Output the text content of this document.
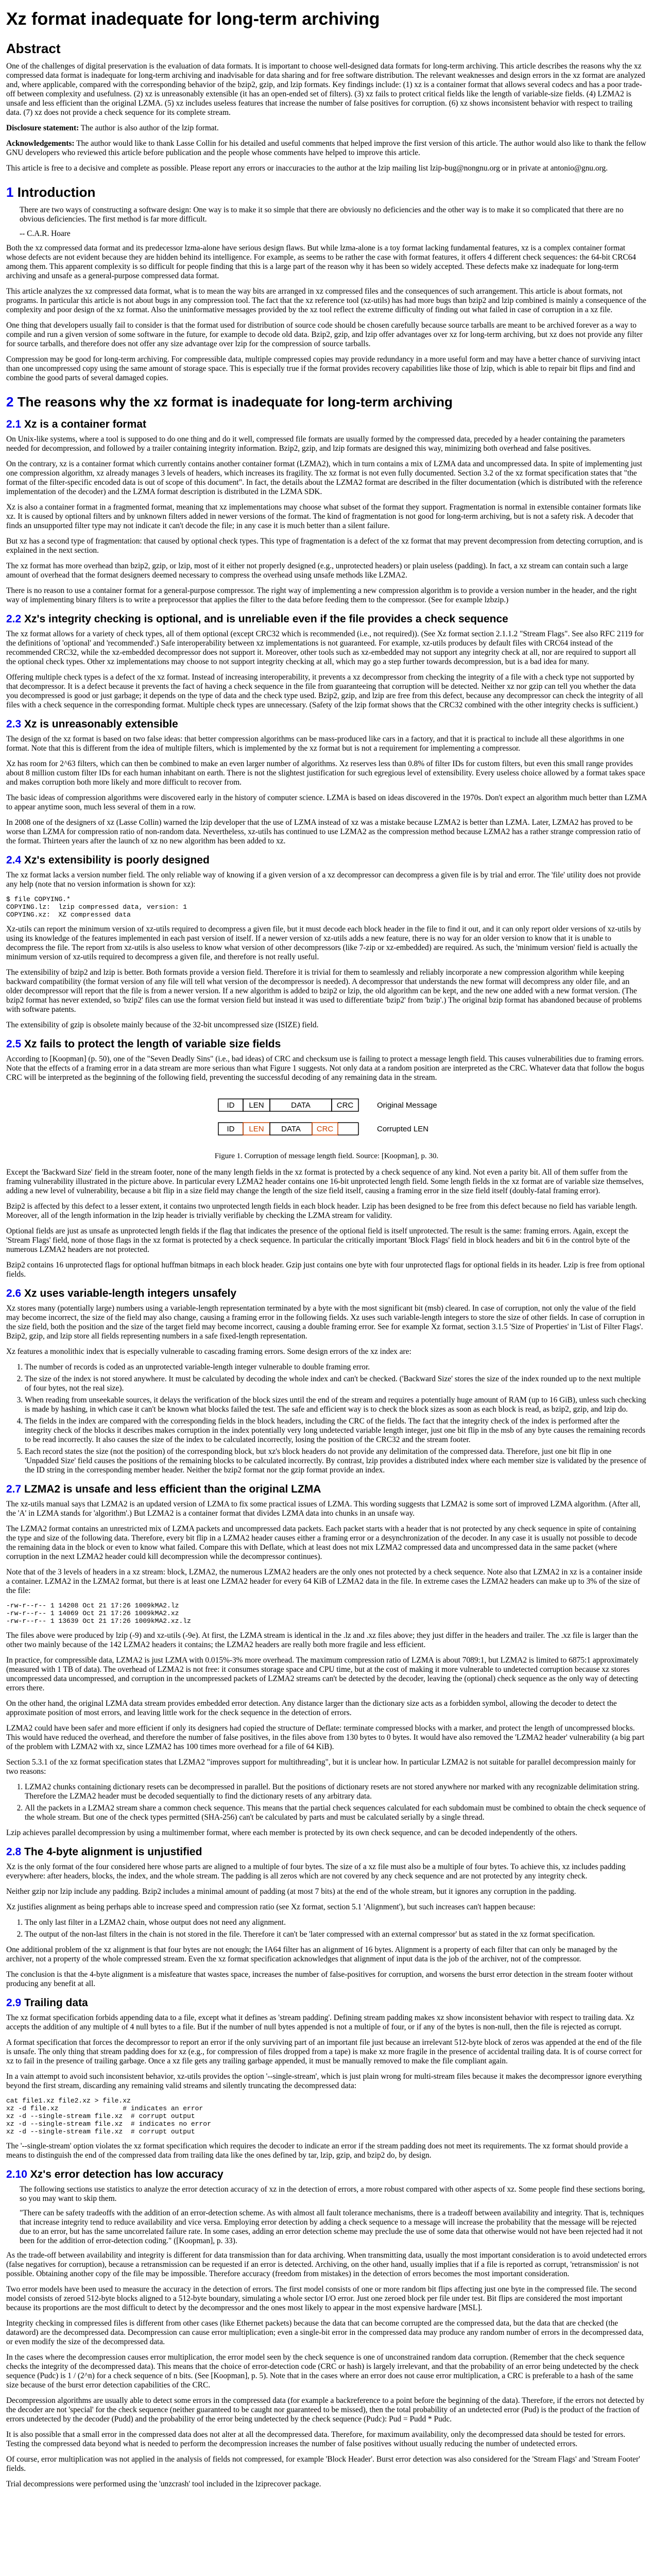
Xz format inadequate for long-term archiving
Abstract

One of the challenges of digital preservation is the evaluation of data formats. It is important to choose well-designed data formats for long-term archiving. This article describes the reasons why the xz compressed data format is inadequate for long-term archiving and inadvisable for data sharing and for free software distribution. The relevant weaknesses and design errors in the xz format are analyzed and, where applicable, compared with the corresponding behavior of the bzip2, gzip, and lzip formats. Key findings include: (1) xz is a container format that allows several codecs and has a poor trade-off between complexity and usefulness. (2) xz is unreasonably extensible (it has an open-ended set of filters). (3) xz fails to protect critical fields like the length of variable-size fields. (4) LZMA2 is unsafe and less efficient than the original LZMA. (5) xz includes useless features that increase the number of false positives for corruption. (6) xz shows inconsistent behavior with respect to trailing data. (7) xz does not provide a check sequence for its complete stream.

Disclosure statement: The author is also author of the lzip format.

Acknowledgements: The author would like to thank Lasse Collin for his detailed and useful comments that helped improve the first version of this article. The author would also like to thank the fellow GNU developers who reviewed this article before publication and the people whose comments have helped to improve this article.

This article is free to a decisive and complete as possible. Please report any errors or inaccuracies to the author at the lzip mailing list lzip-bug@nongnu.org or in private at antonio@gnu.org.

1 Introduction
There are two ways of constructing a software design: One way is to make it so simple that there are obviously no deficiencies and the other way is to make it so complicated that there are no obvious deficiencies. The first method is far more difficult.
-- C.A.R. Hoare

Both the xz compressed data format and its predecessor lzma-alone have serious design flaws. But while lzma-alone is a toy format lacking fundamental features, xz is a complex container format whose defects are not evident because they are hidden behind its intelligence. For example, as seems to be rather the case with format features, it offers 4 different check sequences: the 64-bit CRC64 among them. This apparent complexity is so difficult for people finding that this is a large part of the reason why it has been so widely accepted. These defects make xz inadequate for long-term archiving and unsafe as a general-purpose compressed data format.

This article analyzes the xz compressed data format, what is to mean the way bits are arranged in xz compressed files and the consequences of such arrangement. This article is about formats, not programs. In particular this article is not about bugs in any compression tool. The fact that the xz reference tool (xz-utils) has had more bugs than bzip2 and lzip combined is mainly a consequence of the complexity and poor design of the xz format. Also the uninformative messages provided by the xz tool reflect the extreme difficulty of finding out what failed in case of corruption in a xz file.

One thing that developers usually fail to consider is that the format used for distribution of source code should be chosen carefully because source tarballs are meant to be archived forever as a way to compile and run a given version of some software in the future, for example to decode old data. Bzip2, gzip, and lzip offer advantages over xz for long-term archiving, but xz does not provide any filter for source tarballs, and therefore does not offer any size advantage over lzip for the compression of source tarballs.

Compression may be good for long-term archiving. For compressible data, multiple compressed copies may provide redundancy in a more useful form and may have a better chance of surviving intact than one uncompressed copy using the same amount of storage space. This is especially true if the format provides recovery capabilities like those of lzip, which is able to repair bit flips and find and combine the good parts of several damaged copies.

2 The reasons why the xz format is inadequate for long-term archiving
2.1 Xz is a container format

On Unix-like systems, where a tool is supposed to do one thing and do it well, compressed file formats are usually formed by the compressed data, preceded by a header containing the parameters needed for decompression, and followed by a trailer containing integrity information. Bzip2, gzip, and lzip formats are designed this way, minimizing both overhead and false positives.

On the contrary, xz is a container format which currently contains another container format (LZMA2), which in turn contains a mix of LZMA data and uncompressed data. In spite of implementing just one compression algorithm, xz already manages 3 levels of headers, which increases its fragility. The xz format is not even fully documented. Section 3.2 of the xz format specification states that "the format of the filter-specific encoded data is out of scope of this document". In fact, the details about the LZMA2 format are described in the filter documentation (which is distributed with the reference implementation of the decoder) and the LZMA format description is distributed in the LZMA SDK.

Xz is also a container format in a fragmented format, meaning that xz implementations may choose what subset of the format they support. Fragmentation is normal in extensible container formats like xz. It is caused by optional filters and by unknown filters added in newer versions of the format. The kind of fragmentation is not good for long-term archiving, but is not a safety risk. A decoder that finds an unsupported filter type may not indicate it can't decode the file; in any case it is much better than a silent failure.

But xz has a second type of fragmentation: that caused by optional check types. This type of fragmentation is a defect of the xz format that may prevent decompression from detecting corruption, and is explained in the next section.

The xz format has more overhead than bzip2, gzip, or lzip, most of it either not properly designed (e.g., unprotected headers) or plain useless (padding). In fact, a xz stream can contain such a large amount of overhead that the format designers deemed necessary to compress the overhead using unsafe methods like LZMA2.

There is no reason to use a container format for a general-purpose compressor. The right way of implementing a new compression algorithm is to provide a version number in the header, and the right way of implementing binary filters is to write a preprocessor that applies the filter to the data before feeding them to the compressor. (See for example lzbzip.)

2.2 Xz's integrity checking is optional, and is unreliable even if the file provides a check sequence

The xz format allows for a variety of check types, all of them optional (except CRC32 which is recommended (i.e., not required)). (See Xz format section 2.1.1.2 "Stream Flags". See also RFC 2119 for the definitions of 'optional' and 'recommended'.) Safe interoperability between xz implementations is not guaranteed. For example, xz-utils produces by default files with CRC64 instead of the recommended CRC32, while the xz-embedded decompressor does not support it. Moreover, other tools such as xz-embedded may not support any integrity check at all, nor are required to support all the optional check types. Other xz implementations may choose to not support integrity checking at all, which may go a step further towards decompression, but is a bad idea for many.

Offering multiple check types is a defect of the xz format. Instead of increasing interoperability, it prevents a xz decompressor from checking the integrity of a file with a check type not supported by that decompressor. It is a defect because it prevents the fact of having a check sequence in the file from guaranteeing that corruption will be detected. Neither xz nor gzip can tell you whether the data you decompressed is good or just garbage; it depends on the type of data and the check type used. Bzip2, gzip, and lzip are free from this defect, because any decompressor can check the integrity of all files with a check sequence in the corresponding format. Multiple check types are unnecessary. (Safety of the lzip format shows that the CRC32 combined with the other integrity checks is sufficient.)

2.3 Xz is unreasonably extensible

The design of the xz format is based on two false ideas: that better compression algorithms can be mass-produced like cars in a factory, and that it is practical to include all these algorithms in one format. Note that this is different from the idea of multiple filters, which is implemented by the xz format but is not a requirement for implementing a compressor.

Xz has room for 2^63 filters, which can then be combined to make an even larger number of algorithms. Xz reserves less than 0.8% of filter IDs for custom filters, but even this small range provides about 8 million custom filter IDs for each human inhabitant on earth. There is not the slightest justification for such egregious level of extensibility. Every useless choice allowed by a format takes space and makes corruption both more likely and more difficult to recover from.

The basic ideas of compression algorithms were discovered early in the history of computer science. LZMA is based on ideas discovered in the 1970s. Don't expect an algorithm much better than LZMA to appear anytime soon, much less several of them in a row.

In 2008 one of the designers of xz (Lasse Collin) warned the lzip developer that the use of LZMA instead of xz was a mistake because LZMA2 is better than LZMA. Later, LZMA2 has proved to be worse than LZMA for compression ratio of non-random data. Nevertheless, xz-utils has continued to use LZMA2 as the compression method because LZMA2 has a rather strange compression ratio of the format. Thirteen years after the launch of xz no new algorithm has been added to xz.

2.4 Xz's extensibility is poorly designed

The xz format lacks a version number field. The only reliable way of knowing if a given version of a xz decompressor can decompress a given file is by trial and error. The 'file' utility does not provide any help (note that no version information is shown for xz):

$ file COPYING.*
COPYING.lz:  lzip compressed data, version: 1
COPYING.xz:  XZ compressed data

Xz-utils can report the minimum version of xz-utils required to decompress a given file, but it must decode each block header in the file to find it out, and it can only report older versions of xz-utils by using its knowledge of the features implemented in each past version of itself. If a newer version of xz-utils adds a new feature, there is no way for an older version to know that it is unable to decompress the file. The report from xz-utils is also useless to know what version of other decompressors (like 7-zip or xz-embedded) are required. As such, the 'minimum version' field is actually the minimum version of xz-utils required to decompress a given file, and therefore is not really useful.

The extensibility of bzip2 and lzip is better. Both formats provide a version field. Therefore it is trivial for them to seamlessly and reliably incorporate a new compression algorithm while keeping backward compatibility (the format version of any file will tell what version of the decompressor is needed). A decompressor that understands the new format will decompress any older file, and an older decompressor will report that the file is from a newer version. If a new algorithm is added to bzip2 or lzip, the old algorithm can be kept, and the new one added with a new format version. (The bzip2 format has never extended, so 'bzip2' files can use the format version field but instead it was used to differentiate 'bzip2' from 'bzip'.) The original bzip format has abandoned because of problems with software patents.

The extensibility of gzip is obsolete mainly because of the 32-bit uncompressed size (ISIZE) field.

2.5 Xz fails to protect the length of variable size fields

According to [Koopman] (p. 50), one of the "Seven Deadly Sins" (i.e., bad ideas) of CRC and checksum use is failing to protect a message length field. This causes vulnerabilities due to framing errors. Note that the effects of a framing error in a data stream are more serious than what Figure 1 suggests. Not only data at a random position are interpreted as the CRC. Whatever data that follow the bogus CRC will be interpreted as the beginning of the following field, preventing the successful decoding of any remaining data in the stream.

ID LEN	DATA	CRC	Original Message
ID LEN DATA CRC	Corrupted LEN
Figure 1. Corruption of message length field. Source: [Koopman], p. 30.

Except the 'Backward Size' field in the stream footer, none of the many length fields in the xz format is protected by a check sequence of any kind. Not even a parity bit. All of them suffer from the framing vulnerability illustrated in the picture above. In particular every LZMA2 header contains one 16-bit unprotected length field. Some length fields in the xz format are of variable size themselves, adding a new level of vulnerability, because a bit flip in a size field may change the length of the size field itself, causing a framing error in the size field itself (doubly-fatal framing error).

Bzip2 is affected by this defect to a lesser extent, it contains two unprotected length fields in each block header. Lzip has been designed to be free from this defect because no field has variable length. Moreover, all of the length information in the lzip header is trivially verifiable by checking the LZMA stream for validity.

Optional fields are just as unsafe as unprotected length fields if the flag that indicates the presence of the optional field is itself unprotected. The result is the same: framing errors. Again, except the 'Stream Flags' field, none of those flags in the xz format is protected by a check sequence. In particular the critically important 'Block Flags' field in block headers and bit 6 in the control byte of the numerous LZMA2 headers are not protected.

Bzip2 contains 16 unprotected flags for optional huffman bitmaps in each block header. Gzip just contains one byte with four unprotected flags for optional fields in its header. Lzip is free from optional fields.

2.6 Xz uses variable-length integers unsafely

Xz stores many (potentially large) numbers using a variable-length representation terminated by a byte with the most significant bit (msb) cleared. In case of corruption, not only the value of the field may become incorrect, the size of the field may also change, causing a framing error in the following fields. Xz uses such variable-length integers to store the size of other fields. In case of corruption in the size field, both the position and the size of the target field may become incorrect, causing a double framing error. See for example Xz format, section 3.1.5 'Size of Properties' in 'List of Filter Flags'. Bzip2, gzip, and lzip store all fields representing numbers in a safe fixed-length representation.

Xz features a monolithic index that is especially vulnerable to cascading framing errors. Some design errors of the xz index are:

1. The number of records is coded as an unprotected variable-length integer vulnerable to double framing error.
2. The size of the index is not stored anywhere. It must be calculated by decoding the whole index and can't be checked. ('Backward Size' stores the size of the index rounded up to the next multiple of four bytes, not the real size).
3. When reading from unseekable sources, it delays the verification of the block sizes until the end of the stream and requires a potentially huge amount of RAM (up to 16 GiB), unless such checking is made by hashing, in which case it can't be known what blocks failed the test. The safe and efficient way is to check the block sizes as soon as each block is read, as bzip2, gzip, and lzip do.
4. The fields in the index are compared with the corresponding fields in the block headers, including the CRC of the fields. The fact that the integrity check of the index is performed after the integrity check of the blocks it describes makes corruption in the index potentially very long undetected variable length integer, just one bit flip in the msb of any byte causes the remaining records to be read incorrectly. It also causes the size of the index to be calculated incorrectly, losing the position of the CRC32 and the stream footer.
5. Each record states the size (not the position) of the corresponding block, but xz's block headers do not provide any delimitation of the compressed data. Therefore, just one bit flip in one 'Unpadded Size' field causes the positions of the remaining blocks to be calculated incorrectly. By contrast, lzip provides a distributed index where each member size is validated by the presence of the ID string in the corresponding member header. Neither the bzip2 format nor the gzip format provide an index.
2.7 LZMA2 is unsafe and less efficient than the original LZMA

The xz-utils manual says that LZMA2 is an updated version of LZMA to fix some practical issues of LZMA. This wording suggests that LZMA2 is some sort of improved LZMA algorithm. (After all, the 'A' in LZMA stands for 'algorithm'.) But LZMA2 is a container format that divides LZMA data into chunks in an unsafe way.

The LZMA2 format contains an unrestricted mix of LZMA packets and uncompressed data packets. Each packet starts with a header that is not protected by any check sequence in spite of containing the type and size of the following data. Therefore, every bit flip in a LZMA2 header causes either a framing error or a desynchronization of the decoder. In any case it is usually not possible to decode the remaining data in the block or even to know what failed. Compare this with Deflate, which at least does not mix LZMA2 compressed data and uncompressed data in the same packet (where corruption in the next LZMA2 header could kill decompression while the decompressor continues).

Note that of the 3 levels of headers in a xz stream: block, LZMA2, the numerous LZMA2 headers are the only ones not protected by a check sequence. Note also that LZMA2 in xz is a container inside a container. LZMA2 in the LZMA2 format, but there is at least one LZMA2 header for every 64 KiB of LZMA2 data in the file. In extreme cases the LZMA2 headers can make up to 3% of the size of the file:

-rw-r--r-- 1 14208 Oct 21 17:26 1009kMA2.lz
-rw-r--r-- 1 14069 Oct 21 17:26 1009kMA2.xz
-rw-r--r-- 1 13639 Oct 21 17:26 1009kMA2.xz.lz

The files above were produced by lzip (-9) and xz-utils (-9e). At first, the LZMA stream is identical in the .lz and .xz files above; they just differ in the headers and trailer. The .xz file is larger than the other two mainly because of the 142 LZMA2 headers it contains; the LZMA2 headers are really both more fragile and less efficient.

In practice, for compressible data, LZMA2 is just LZMA with 0.015%-3% more overhead. The maximum compression ratio of LZMA is about 7089:1, but LZMA2 is limited to 6875:1 approximately (measured with 1 TB of data). The overhead of LZMA2 is not free: it consumes storage space and CPU time, but at the cost of making it more vulnerable to undetected corruption because xz stores uncompressed data uncompressed, and corruption in the uncompressed packets of LZMA2 streams can't be detected by the decoder, leaving the (optional) check sequence as the only way of detecting errors there.

On the other hand, the original LZMA data stream provides embedded error detection. Any distance larger than the dictionary size acts as a forbidden symbol, allowing the decoder to detect the approximate position of most errors, and leaving little work for the check sequence in the detection of errors.

LZMA2 could have been safer and more efficient if only its designers had copied the structure of Deflate: terminate compressed blocks with a marker, and protect the length of uncompressed blocks. This would have reduced the overhead, and therefore the number of false positives, in the files above from 130 bytes to 0 bytes. It would have also removed the 'LZMA2 header' vulnerability (a big part of the problem with LZMA2 with xz, since LZMA2 has 100 times more overhead for a file of 64 KiB).

Section 5.3.1 of the xz format specification states that LZMA2 "improves support for multithreading", but it is unclear how. In particular LZMA2 is not suitable for parallel decompression mainly for two reasons:

1. LZMA2 chunks containing dictionary resets can be decompressed in parallel. But the positions of dictionary resets are not stored anywhere nor marked with any recognizable delimitation string. Therefore the LZMA2 header must be decoded sequentially to find the dictionary resets of any arbitrary data.
2. All the packets in a LZMA2 stream share a common check sequence. This means that the partial check sequences calculated for each subdomain must be combined to obtain the check sequence of the whole stream. But one of the check types permitted (SHA-256) can't be calculated by parts and must be calculated serially by a single thread.

Lzip achieves parallel decompression by using a multimember format, where each member is protected by its own check sequence, and can be decoded independently of the others.

2.8 The 4-byte alignment is unjustified

Xz is the only format of the four considered here whose parts are aligned to a multiple of four bytes. The size of a xz file must also be a multiple of four bytes. To achieve this, xz includes padding everywhere: after headers, blocks, the index, and the whole stream. The padding is all zeros which are not covered by any check sequence and are not protected by any integrity check.

Neither gzip nor lzip include any padding. Bzip2 includes a minimal amount of padding (at most 7 bits) at the end of the whole stream, but it ignores any corruption in the padding.

Xz justifies alignment as being perhaps able to increase speed and compression ratio (see Xz format, section 5.1 'Alignment'), but such increases can't happen because:

1. The only last filter in a LZMA2 chain, whose output does not need any alignment.
2. The output of the non-last filters in the chain is not stored in the file. Therefore it can't be 'later compressed with an external compressor' but as stated in the xz format specification.

One additional problem of the xz alignment is that four bytes are not enough; the IA64 filter has an alignment of 16 bytes. Alignment is a property of each filter that can only be managed by the archiver, not a property of the whole compressed stream. Even the xz format specification acknowledges that alignment of input data is the job of the archiver, not of the compressor.

The conclusion is that the 4-byte alignment is a misfeature that wastes space, increases the number of false-positives for corruption, and worsens the burst error detection in the stream footer without producing any benefit at all.

2.9 Trailing data

The xz format specification forbids appending data to a file, except what it defines as 'stream padding'. Defining stream padding makes xz show inconsistent behavior with respect to trailing data. Xz accepts the addition of any multiple of 4 null bytes to a file. But if the number of null bytes appended is not a multiple of four, or if any of the bytes is non-null, then the file is rejected as corrupt.

A format specification that forces the decompressor to report an error if the only surviving part of an important file just because an irrelevant 512-byte block of zeros was appended at the end of the file is unsafe. The only thing that stream padding does for xz (e.g., for compression of files dropped from a tape) is make xz more fragile in the presence of accidental trailing data. It is of course correct for xz to fail in the presence of trailing garbage. Once a xz file gets any trailing garbage appended, it must be manually removed to make the file compliant again.

In a vain attempt to avoid such inconsistent behavior, xz-utils provides the option '--single-stream', which is just plain wrong for multi-stream files because it makes the decompressor ignore everything beyond the first stream, discarding any remaining valid streams and silently truncating the decompressed data:

cat file1.xz file2.xz > file.xz
xz -d file.xz                # indicates an error
xz -d --single-stream file.xz  # corrupt output
xz -d --single-stream file.xz  # indicates no error
xz -d --single-stream file.xz  # corrupt output

The '--single-stream' option violates the xz format specification which requires the decoder to indicate an error if the stream padding does not meet its requirements. The xz format should provide a means to distinguish the end of the compressed data from trailing data like the ones defined by tar, lzip, gzip, and bzip2 do, by design.

2.10 Xz's error detection has low accuracy
The following sections use statistics to analyze the error detection accuracy of xz in the detection of errors, a more robust compared with other aspects of xz. Some people find these sections boring, so you may want to skip them.
"There can be safety tradeoffs with the addition of an error-detection scheme. As with almost all fault tolerance mechanisms, there is a tradeoff between availability and integrity. That is, techniques that increase integrity tend to reduce availability and vice versa. Employing error detection by adding a check sequence to a message will increase the probability that the message will be rejected due to an error, but has the same uncorrelated failure rate. In some cases, adding an error detection scheme may preclude the use of some data that otherwise would not have been rejected had it not been for the addition of error-detection coding." ([Koopman], p. 33).

As the trade-off between availability and integrity is different for data transmission than for data archiving. When transmitting data, usually the most important consideration is to avoid undetected errors (false negatives for corruption), because a retransmission can be requested if an error is detected. Archiving, on the other hand, usually implies that if a file is reported as corrupt, 'retransmission' is not possible. Obtaining another copy of the file may be impossible. Therefore accuracy (freedom from mistakes) in the detection of errors becomes the most important consideration.

Two error models have been used to measure the accuracy in the detection of errors. The first model consists of one or more random bit flips affecting just one byte in the compressed file. The second model consists of zeroed 512-byte blocks aligned to a 512-byte boundary, simulating a whole sector I/O error. Just one zeroed block per file under test. Bit flips are considered the most important because its proportions are the most difficult to detect by the decompressor and the ones most likely to appear in the most expensive hardware [MSL].

Integrity checking in compressed files is different from other cases (like Ethernet packets) because the data that can become corrupted are the compressed data, but the data that are checked (the dataword) are the decompressed data. Decompression can cause error multiplication; even a single-bit error in the compressed data may produce any random number of errors in the decompressed data, or even modify the size of the decompressed data.

In the cases where the decompression causes error multiplication, the error model seen by the check sequence is one of unconstrained random data corruption. (Remember that the check sequence checks the integrity of the decompressed data). This means that the choice of error-detection code (CRC or hash) is largely irrelevant, and that the probability of an error being undetected by the check sequence (Pudc) is 1 / (2^n) for a check sequence of n bits. (See [Koopman], p. 5). Note that in the cases where an error does not cause error multiplication, a CRC is preferable to a hash of the same size because of the burst error detection capabilities of the CRC.

Decompression algorithms are usually able to detect some errors in the compressed data (for example a backreference to a point before the beginning of the data). Therefore, if the errors not detected by the decoder are not 'special' for the check sequence (neither guaranteed to be caught nor guaranteed to be missed), then the total probability of an undetected error (Pud) is the product of the fraction of errors undetected by the decoder (Pudd) and the probability of the error being undetected by the check sequence (Pudc): Pud = Pudd * Pudc.

It is also possible that a small error in the compressed data does not alter at all the decompressed data. Therefore, for maximum availability, only the decompressed data should be tested for errors. Testing the compressed data beyond what is needed to perform the decompression increases the number of false positives without usually reducing the number of undetected errors.

Of course, error multiplication was not applied in the analysis of fields not compressed, for example 'Block Header'. Burst error detection was also considered for the 'Stream Flags' and 'Stream Footer' fields.

Trial decompressions were performed using the 'unzcrash' tool included in the lziprecover package.
